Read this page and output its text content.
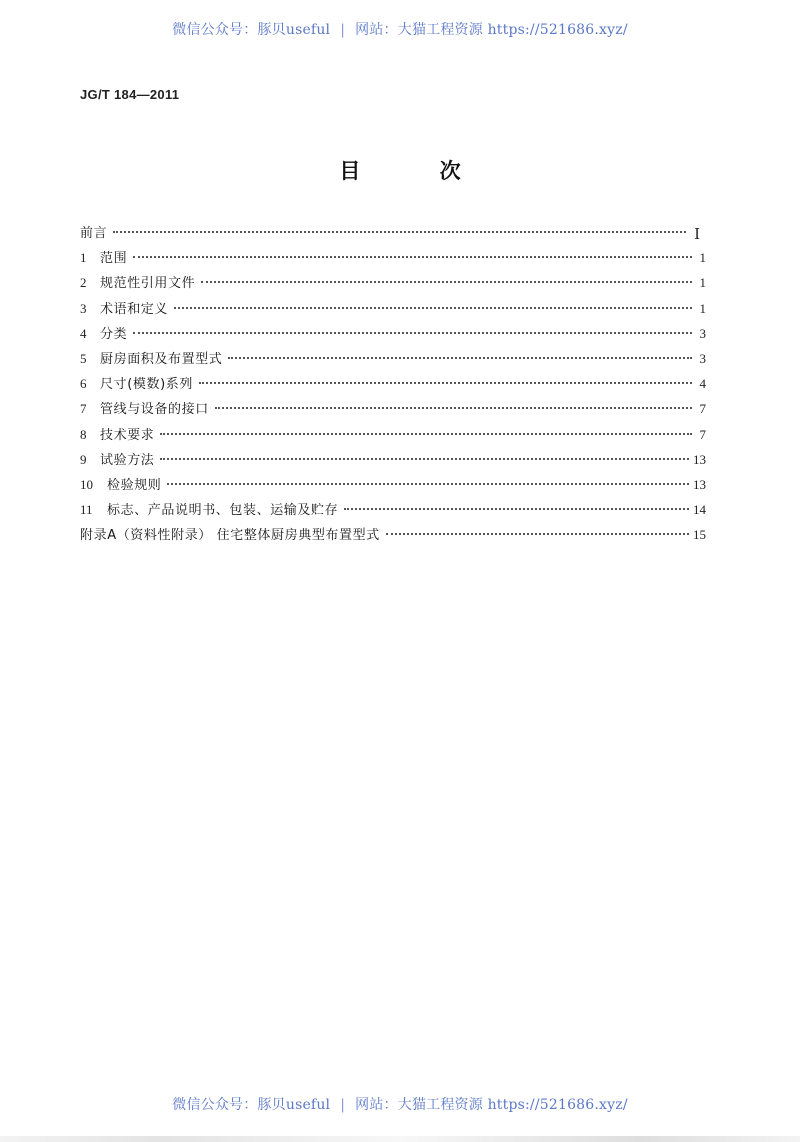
微信公众号：豚贝useful | 网站：大猫工程资源 https://521686.xyz/
JG/T 184—2011
目 次
前言	Ⅰ
1	范围	1
2	规范性引用文件	1
3	术语和定义	1
4	分类	3
5	厨房面积及布置型式	3
6	尺寸(模数)系列	4
7	管线与设备的接口	7
8	技术要求	7
9	试验方法	13
10	检验规则	13
11	标志、产品说明书、包装、运输及贮存	14
附录A（资料性附录） 住宅整体厨房典型布置型式	15
微信公众号：豚贝useful | 网站：大猫工程资源 https://521686.xyz/
